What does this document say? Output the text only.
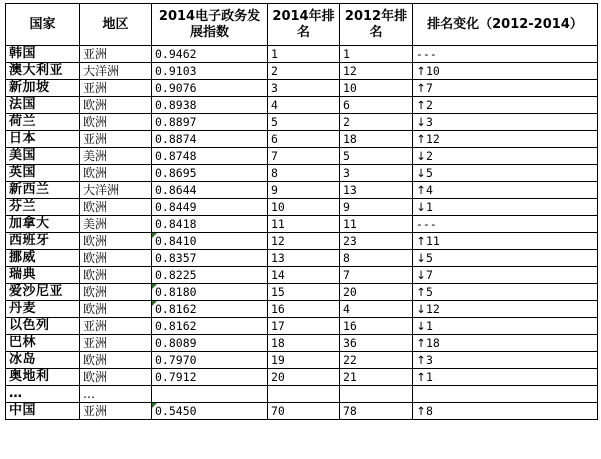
国家	地区	2014电子政务发展指数	2014年排名	2012年排名	排名变化（2012-2014）
韩国	亚洲	0.9462	1	1	---
澳大利亚	大洋洲	0.9103	2	12	↑10
新加坡	亚洲	0.9076	3	10	↑7
法国	欧洲	0.8938	4	6	↑2
荷兰	欧洲	0.8897	5	2	↓3
日本	亚洲	0.8874	6	18	↑12
美国	美洲	0.8748	7	5	↓2
英国	欧洲	0.8695	8	3	↓5
新西兰	大洋洲	0.8644	9	13	↑4
芬兰	欧洲	0.8449	10	9	↓1
加拿大	美洲	0.8418	11	11	---
西班牙	欧洲	0.8410	12	23	↑11
挪威	欧洲	0.8357	13	8	↓5
瑞典	欧洲	0.8225	14	7	↓7
爱沙尼亚	欧洲	0.8180	15	20	↑5
丹麦	欧洲	0.8162	16	4	↓12
以色列	亚洲	0.8162	17	16	↓1
巴林	亚洲	0.8089	18	36	↑18
冰岛	欧洲	0.7970	19	22	↑3
奥地利	欧洲	0.7912	20	21	↑1
…	…				
中国	亚洲	0.5450	70	78	↑8
